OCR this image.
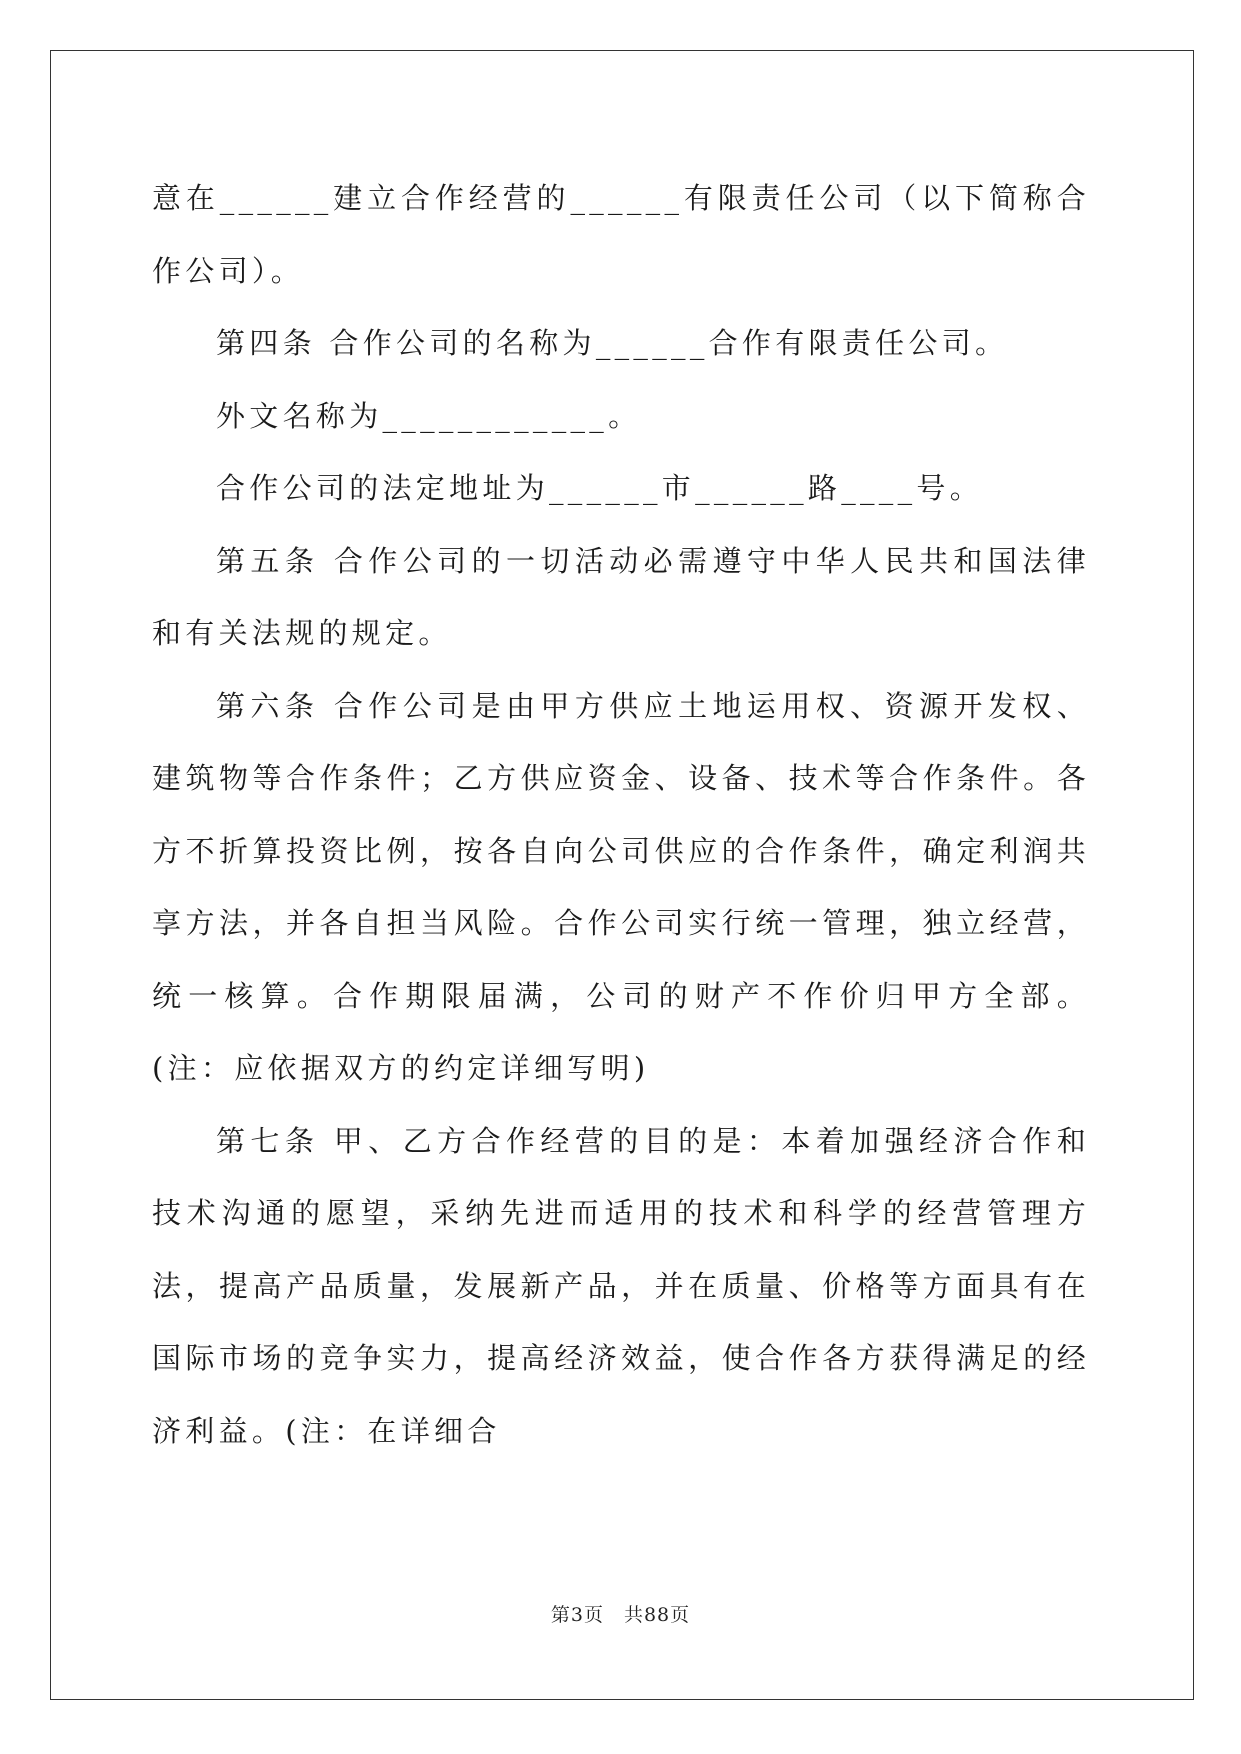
意在______建立合作经营的______有限责任公司（以下简称合作公司）。

第四条 合作公司的名称为______合作有限责任公司。

外文名称为____________。

合作公司的法定地址为______市______路____号。

第五条 合作公司的一切活动必需遵守中华人民共和国法律和有关法规的规定。

第六条 合作公司是由甲方供应土地运用权、资源开发权、建筑物等合作条件；乙方供应资金、设备、技术等合作条件。各方不折算投资比例，按各自向公司供应的合作条件，确定利润共享方法，并各自担当风险。合作公司实行统一管理，独立经营，统一核算。合作期限届满，公司的财产不作价归甲方全部。(注：应依据双方的约定详细写明)

第七条 甲、乙方合作经营的目的是：本着加强经济合作和技术沟通的愿望，采纳先进而适用的技术和科学的经营管理方法，提高产品质量，发展新产品，并在质量、价格等方面具有在国际市场的竞争实力，提高经济效益，使合作各方获得满足的经济利益。(注：在详细合

第3页 共88页
